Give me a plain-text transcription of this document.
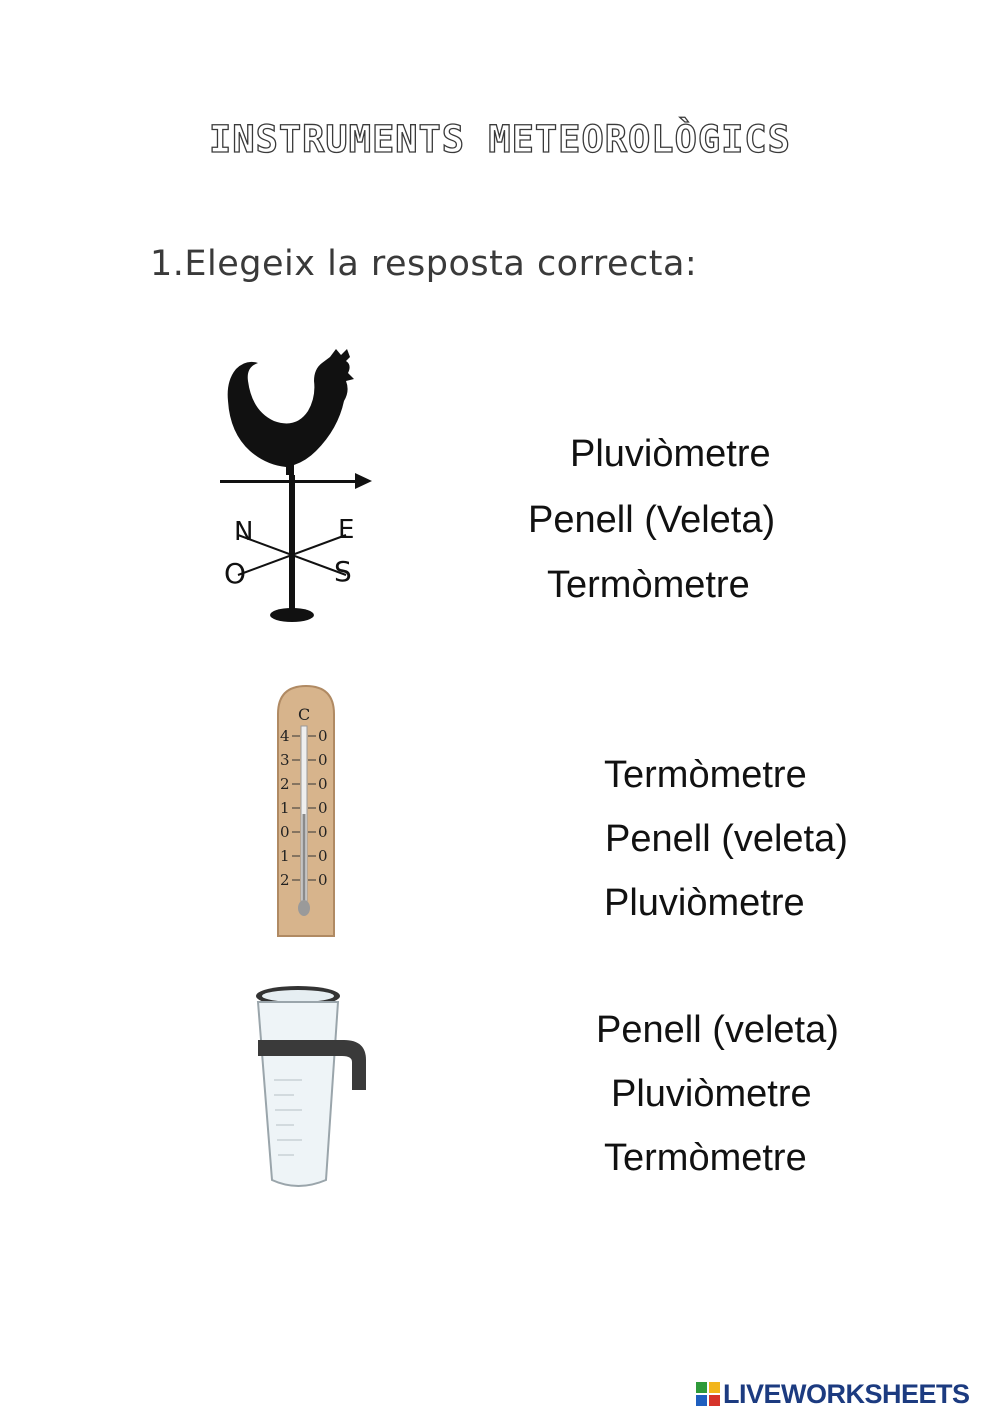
INSTRUMENTS METEOROLÒGICS
1.Elegeix la resposta correcta:
N	E
O	S
Pluviòmetre
Penell (Veleta)
Termòmetre
C
4
3
2
1
0
1
2
0
0
0
0
0
0
0
Termòmetre
Penell (veleta)
Pluviòmetre
Penell (veleta)
Pluviòmetre
Termòmetre
LIVEWORKSHEETS
